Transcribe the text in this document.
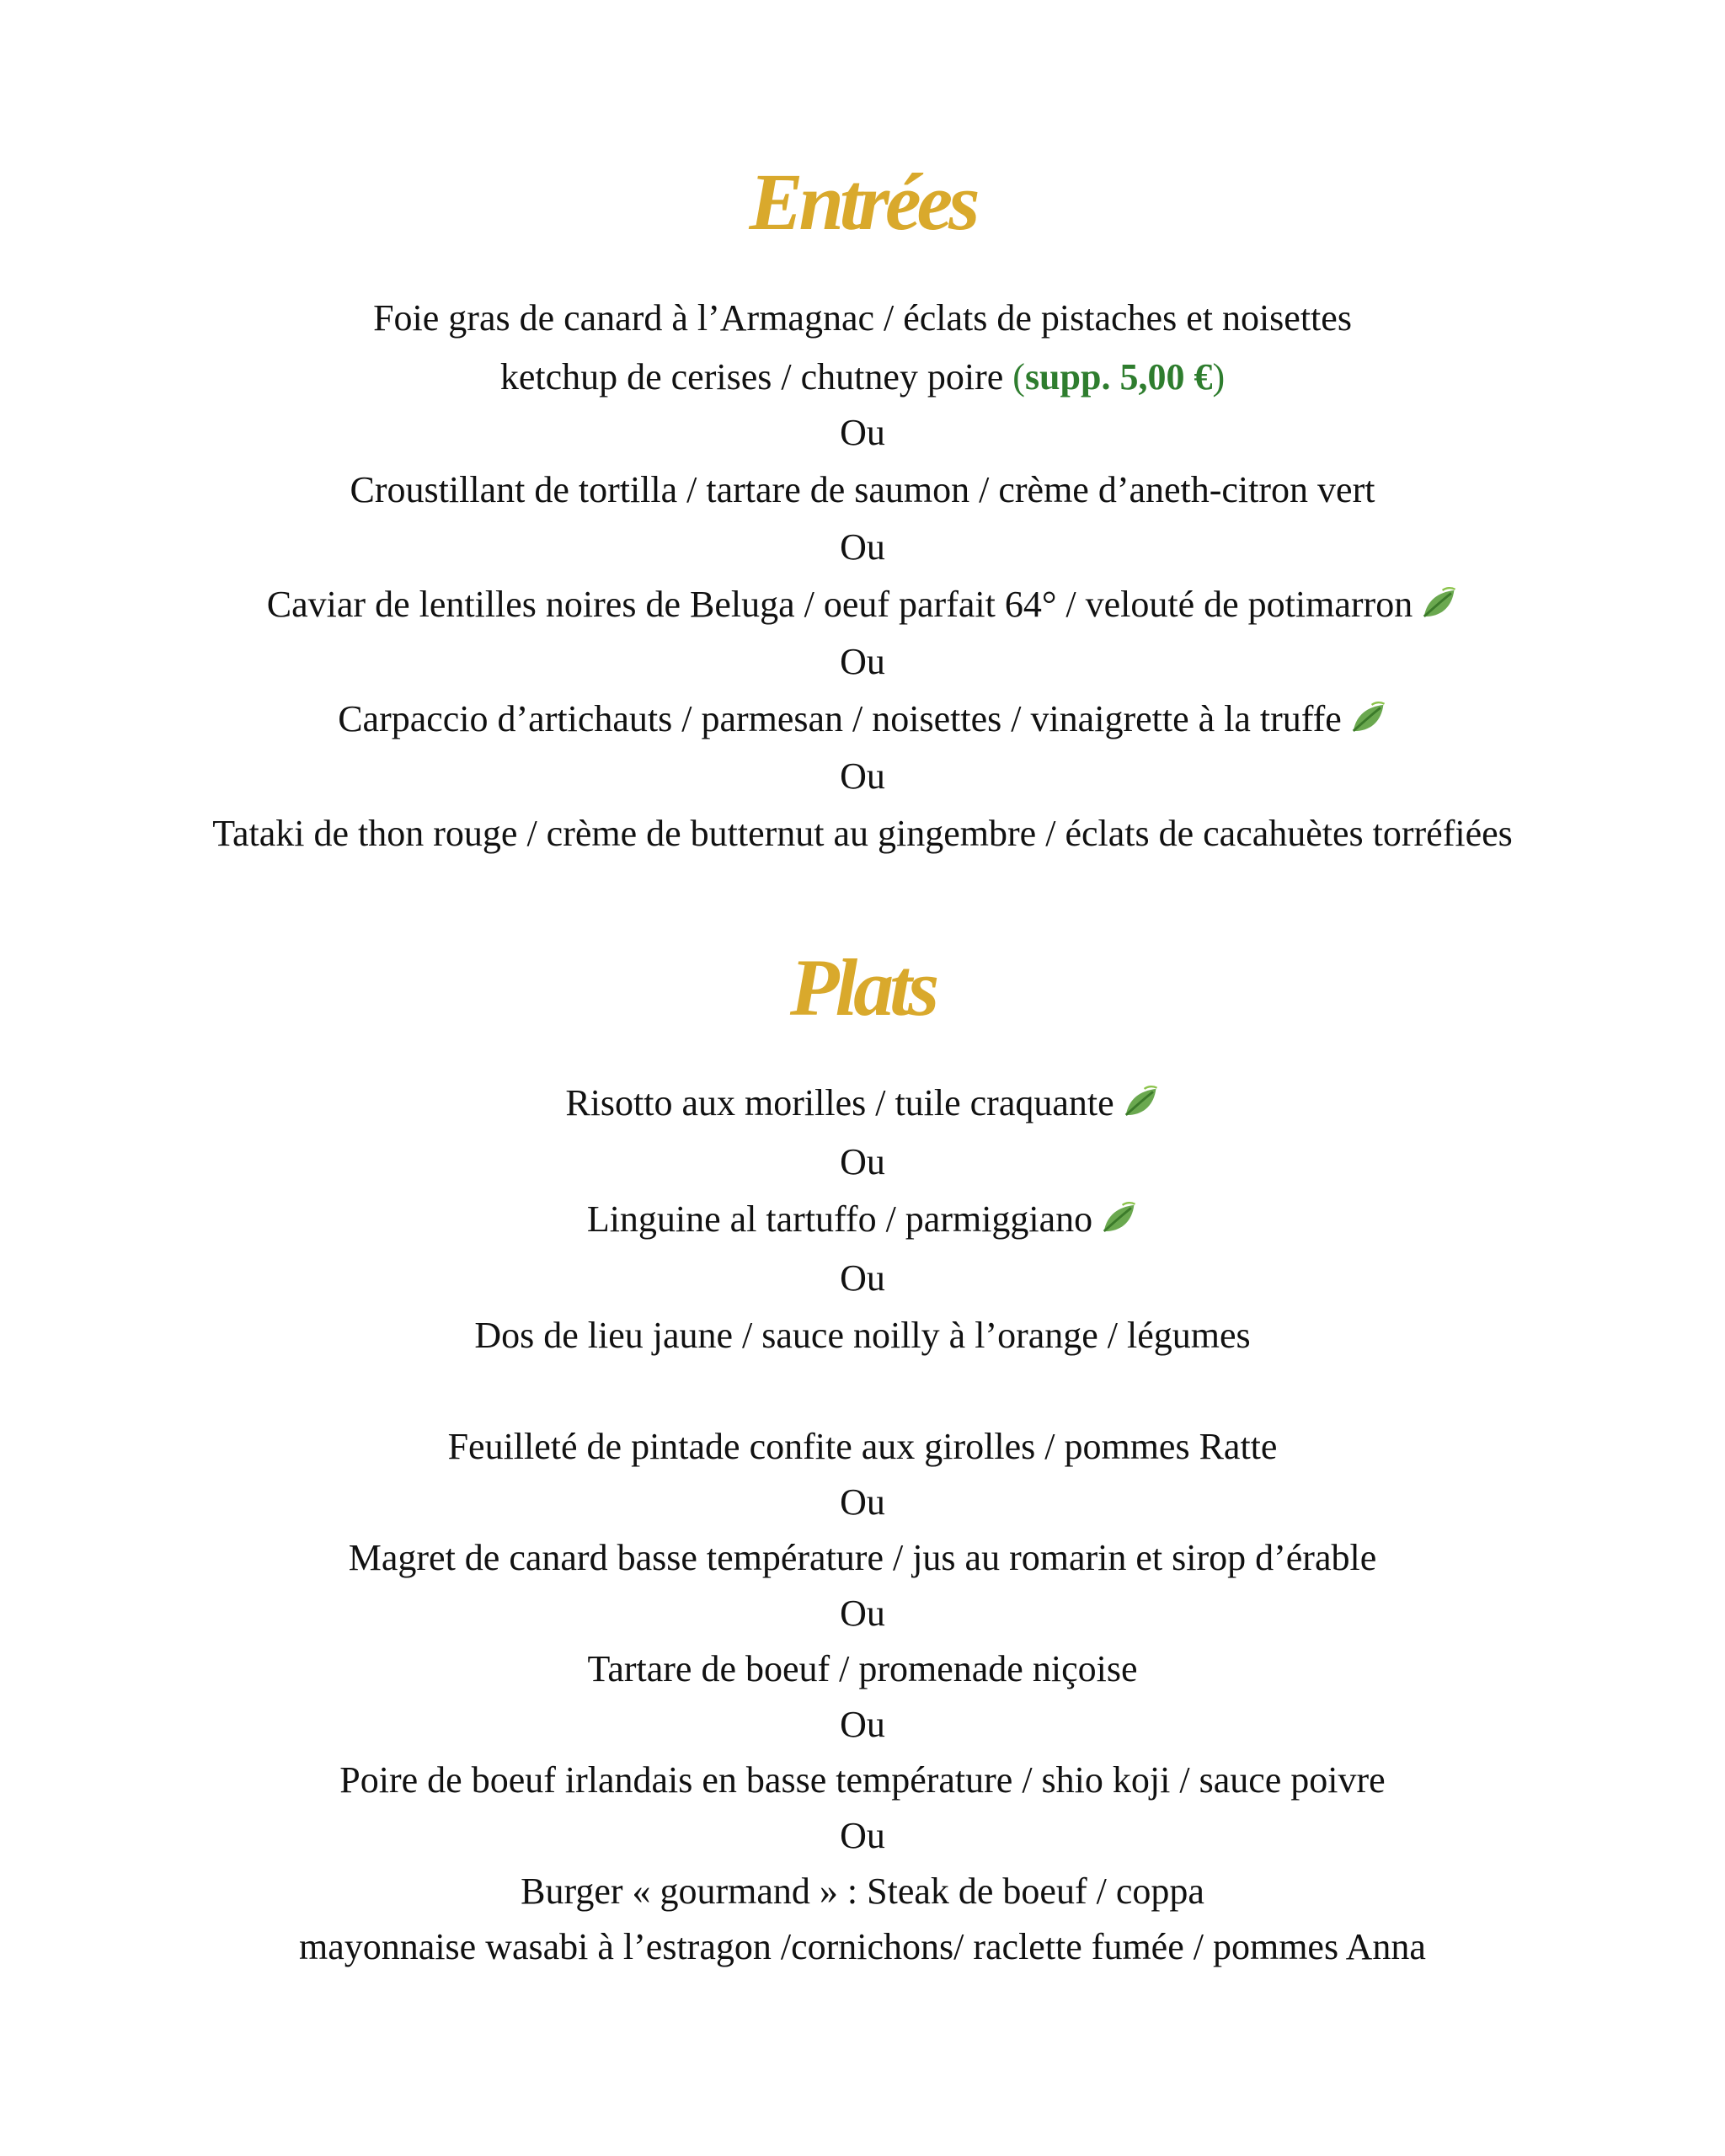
Entrées
Foie gras de canard à l’Armagnac / éclats de pistaches et noisettes
ketchup de cerises / chutney poire (supp. 5,00 €)
Ou
Croustillant de tortilla / tartare de saumon / crème d’aneth-citron vert
Ou
Caviar de lentilles noires de Beluga / oeuf parfait 64° / velouté de potimarron
Ou
Carpaccio d’artichauts / parmesan / noisettes / vinaigrette à la truffe
Ou
Tataki de thon rouge / crème de butternut au gingembre / éclats de cacahuètes torréfiées
Plats
Risotto aux morilles / tuile craquante
Ou
Linguine al tartuffo / parmiggiano
Ou
Dos de lieu jaune / sauce noilly à l’orange / légumes
Feuilleté de pintade confite aux girolles / pommes Ratte
Ou
Magret de canard basse température / jus au romarin et sirop d’érable
Ou
Tartare de boeuf / promenade niçoise
Ou
Poire de boeuf irlandais en basse température / shio koji / sauce poivre
Ou
Burger « gourmand » : Steak de boeuf / coppa
mayonnaise wasabi à l’estragon /cornichons/ raclette fumée / pommes Anna
